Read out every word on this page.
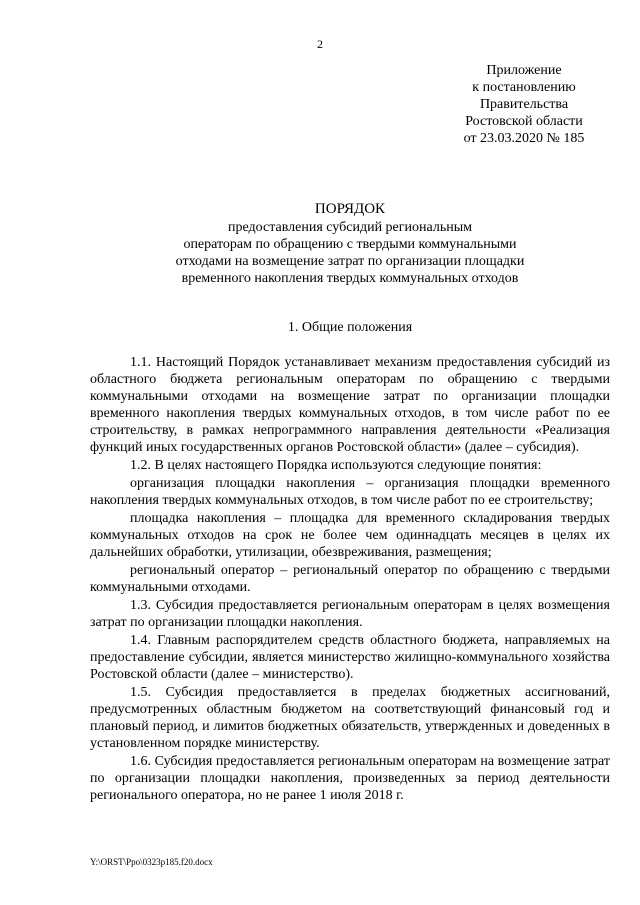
2
Приложение
к постановлению
Правительства
Ростовской области
от 23.03.2020 № 185
ПОРЯДОК
предоставления субсидий региональным
операторам по обращению с твердыми коммунальными
отходами на возмещение затрат по организации площадки
временного накопления твердых коммунальных отходов
1. Общие положения

1.1. Настоящий Порядок устанавливает механизм предоставления субсидий из областного бюджета региональным операторам по обращению с твердыми коммунальными отходами на возмещение затрат по организации площадки временного накопления твердых коммунальных отходов, в том числе работ по ее строительству, в рамках непрограммного направления деятельности «Реализация функций иных государственных органов Ростовской области» (далее – субсидия).

1.2. В целях настоящего Порядка используются следующие понятия:

организация площадки накопления – организация площадки временного накопления твердых коммунальных отходов, в том числе работ по ее строительству;

площадка накопления – площадка для временного складирования твердых коммунальных отходов на срок не более чем одиннадцать месяцев в целях их дальнейших обработки, утилизации, обезвреживания, размещения;

региональный оператор – региональный оператор по обращению с твердыми коммунальными отходами.

1.3. Субсидия предоставляется региональным операторам в целях возмещения затрат по организации площадки накопления.

1.4. Главным распорядителем средств областного бюджета, направляемых на предоставление субсидии, является министерство жилищно-коммунального хозяйства Ростовской области (далее – министерство).

1.5. Субсидия предоставляется в пределах бюджетных ассигнований, предусмотренных областным бюджетом на соответствующий финансовый год и плановый период, и лимитов бюджетных обязательств, утвержденных и доведенных в установленном порядке министерству.

1.6. Субсидия предоставляется региональным операторам на возмещение затрат по организации площадки накопления, произведенных за период деятельности регионального оператора, но не ранее 1 июля 2018 г.

Y:\ORST\Ppo\0323p185.f20.docx
